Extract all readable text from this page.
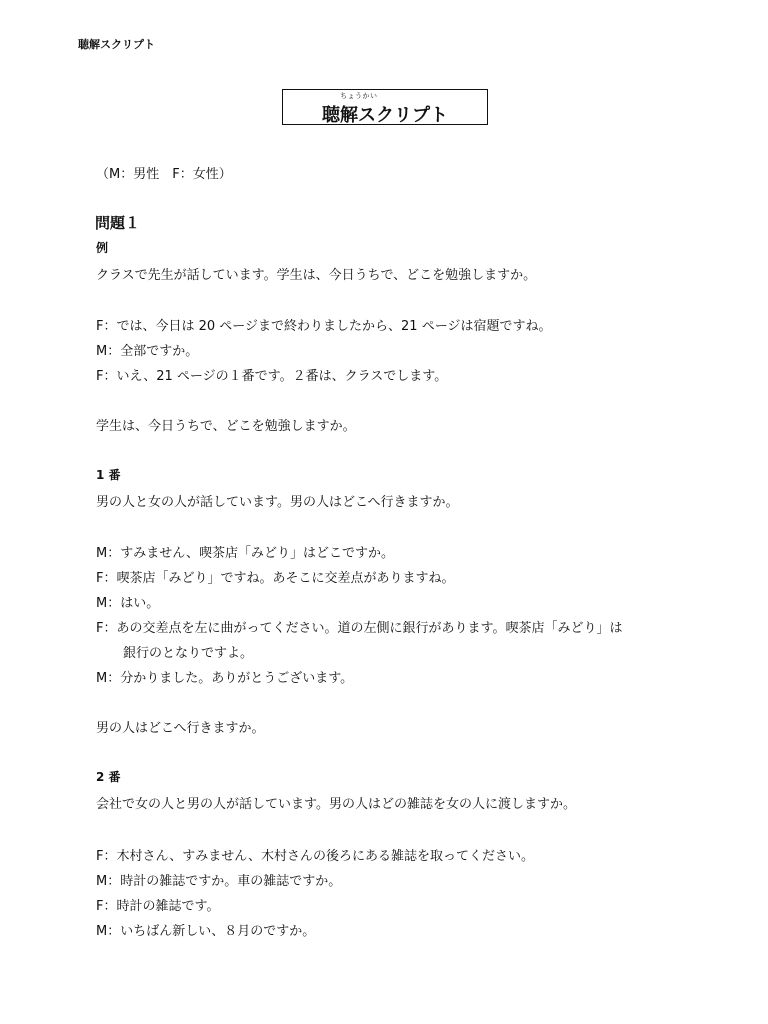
聴解スクリプト
ちょうかい
聴解スクリプト
（M：男性　F：女性）
問題１
例
クラスで先生が話しています。学生は、今日うちで、どこを勉強しますか。
F：では、今日は 20 ページまで終わりましたから、21 ページは宿題ですね。
M：全部ですか。
F：いえ、21 ページの１番です。２番は、クラスでします。
学生は、今日うちで、どこを勉強しますか。
1 番
男の人と女の人が話しています。男の人はどこへ行きますか。
M：すみません、喫茶店「みどり」はどこですか。
F：喫茶店「みどり」ですね。あそこに交差点がありますね。
M：はい。
F：あの交差点を左に曲がってください。道の左側に銀行があります。喫茶店「みどり」は
銀行のとなりですよ。
M：分かりました。ありがとうございます。
男の人はどこへ行きますか。
2 番
会社で女の人と男の人が話しています。男の人はどの雑誌を女の人に渡しますか。
F：木村さん、すみません、木村さんの後ろにある雑誌を取ってください。
M：時計の雑誌ですか。車の雑誌ですか。
F：時計の雑誌です。
M：いちばん新しい、８月のですか。
